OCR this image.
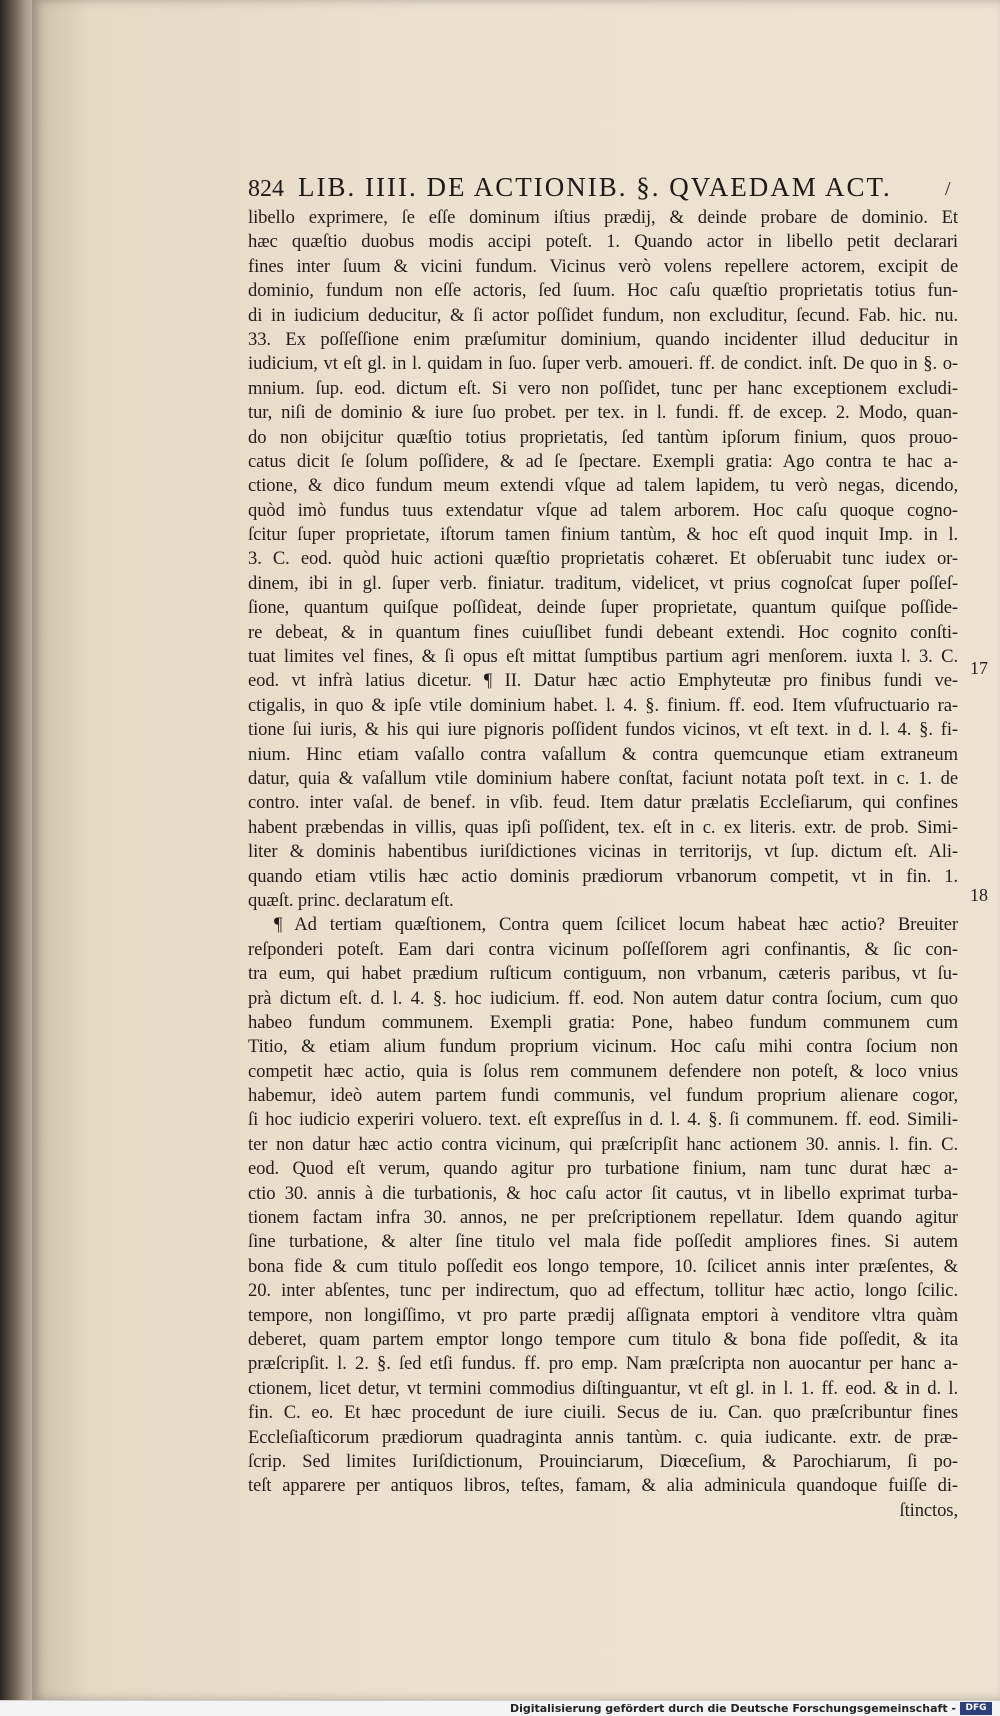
824 LIB. IIII. DE ACTIONIB. §. QVAEDAM ACT.	/
libello exprimere, ſe eſſe dominum iſtius prædij, & deinde probare de dominio. Et
hæc quæſtio duobus modis accipi poteſt. 1. Quando actor in libello petit declarari
fines inter ſuum & vicini fundum. Vicinus verò volens repellere actorem, excipit de
dominio, fundum non eſſe actoris, ſed ſuum. Hoc caſu quæſtio proprietatis totius fun-
di in iudicium deducitur, & ſi actor poſſidet fundum, non excluditur, ſecund. Fab. hic. nu.
33. Ex poſſeſſione enim præſumitur dominium, quando incidenter illud deducitur in
iudicium, vt eſt gl. in l. quidam in ſuo. ſuper verb. amoueri. ff. de condict. inſt. De quo in §. o-
mnium. ſup. eod. dictum eſt. Si vero non poſſidet, tunc per hanc exceptionem excludi-
tur, niſi de dominio & iure ſuo probet. per tex. in l. fundi. ff. de excep. 2. Modo, quan-
do non obijcitur quæſtio totius proprietatis, ſed tantùm ipſorum finium, quos prouo-
catus dicit ſe ſolum poſſidere, & ad ſe ſpectare. Exempli gratia: Ago contra te hac a-
ctione, & dico fundum meum extendi vſque ad talem lapidem, tu verò negas, dicendo,
quòd imò fundus tuus extendatur vſque ad talem arborem. Hoc caſu quoque cogno-
ſcitur ſuper proprietate, iſtorum tamen finium tantùm, & hoc eſt quod inquit Imp. in l.
3. C. eod. quòd huic actioni quæſtio proprietatis cohæret. Et obſeruabit tunc iudex or-
dinem, ibi in gl. ſuper verb. finiatur. traditum, videlicet, vt prius cognoſcat ſuper poſſeſ-
ſione, quantum quiſque poſſideat, deinde ſuper proprietate, quantum quiſque poſſide-
re debeat, & in quantum fines cuiuſlibet fundi debeant extendi. Hoc cognito conſti-
tuat limites vel fines, & ſi opus eſt mittat ſumptibus partium agri menſorem. iuxta l. 3. C.
eod. vt infrà latius dicetur. ¶ II. Datur hæc actio Emphyteutæ pro finibus fundi ve-
ctigalis, in quo & ipſe vtile dominium habet. l. 4. §. finium. ff. eod. Item vſufructuario ra-
tione ſui iuris, & his qui iure pignoris poſſident fundos vicinos, vt eſt text. in d. l. 4. §. fi-
nium. Hinc etiam vaſallo contra vaſallum & contra quemcunque etiam extraneum
datur, quia & vaſallum vtile dominium habere conſtat, faciunt notata poſt text. in c. 1. de
contro. inter vaſal. de benef. in vſib. feud. Item datur prælatis Eccleſiarum, qui confines
habent præbendas in villis, quas ipſi poſſident, tex. eſt in c. ex literis. extr. de prob. Simi-
liter & dominis habentibus iuriſdictiones vicinas in territorijs, vt ſup. dictum eſt. Ali-
quando etiam vtilis hæc actio dominis prædiorum vrbanorum competit, vt in fin. 1.
quæſt. princ. declaratum eſt.
¶ Ad tertiam quæſtionem, Contra quem ſcilicet locum habeat hæc actio? Breuiter
reſponderi poteſt. Eam dari contra vicinum poſſeſſorem agri confinantis, & ſic con-
tra eum, qui habet prædium ruſticum contiguum, non vrbanum, cæteris paribus, vt ſu-
prà dictum eſt. d. l. 4. §. hoc iudicium. ff. eod. Non autem datur contra ſocium, cum quo
habeo fundum communem. Exempli gratia: Pone, habeo fundum communem cum
Titio, & etiam alium fundum proprium vicinum. Hoc caſu mihi contra ſocium non
competit hæc actio, quia is ſolus rem communem defendere non poteſt, & loco vnius
habemur, ideò autem partem fundi communis, vel fundum proprium alienare cogor,
ſi hoc iudicio experiri voluero. text. eſt expreſſus in d. l. 4. §. ſi communem. ff. eod. Simili-
ter non datur hæc actio contra vicinum, qui præſcripſit hanc actionem 30. annis. l. fin. C.
eod. Quod eſt verum, quando agitur pro turbatione finium, nam tunc durat hæc a-
ctio 30. annis à die turbationis, & hoc caſu actor ſit cautus, vt in libello exprimat turba-
tionem factam infra 30. annos, ne per preſcriptionem repellatur. Idem quando agitur
ſine turbatione, & alter ſine titulo vel mala fide poſſedit ampliores fines. Si autem
bona fide & cum titulo poſſedit eos longo tempore, 10. ſcilicet annis inter præſentes, &
20. inter abſentes, tunc per indirectum, quo ad effectum, tollitur hæc actio, longo ſcilic.
tempore, non longiſſimo, vt pro parte prædij aſſignata emptori à venditore vltra quàm
deberet, quam partem emptor longo tempore cum titulo & bona fide poſſedit, & ita
præſcripſit. l. 2. §. ſed etſi fundus. ff. pro emp. Nam præſcripta non auocantur per hanc a-
ctionem, licet detur, vt termini commodius diſtinguantur, vt eſt gl. in l. 1. ff. eod. & in d. l.
fin. C. eo. Et hæc procedunt de iure ciuili. Secus de iu. Can. quo præſcribuntur fines
Eccleſiaſticorum prædiorum quadraginta annis tantùm. c. quia iudicante. extr. de præ-
ſcrip. Sed limites Iuriſdictionum, Prouinciarum, Diœceſium, & Parochiarum, ſi po-
teſt apparere per antiquos libros, teſtes, famam, & alia adminicula quandoque fuiſſe di-
ſtinctos,
17
18
Digitalisierung gefördert durch die Deutsche Forschungsgemeinschaft -	DFG
